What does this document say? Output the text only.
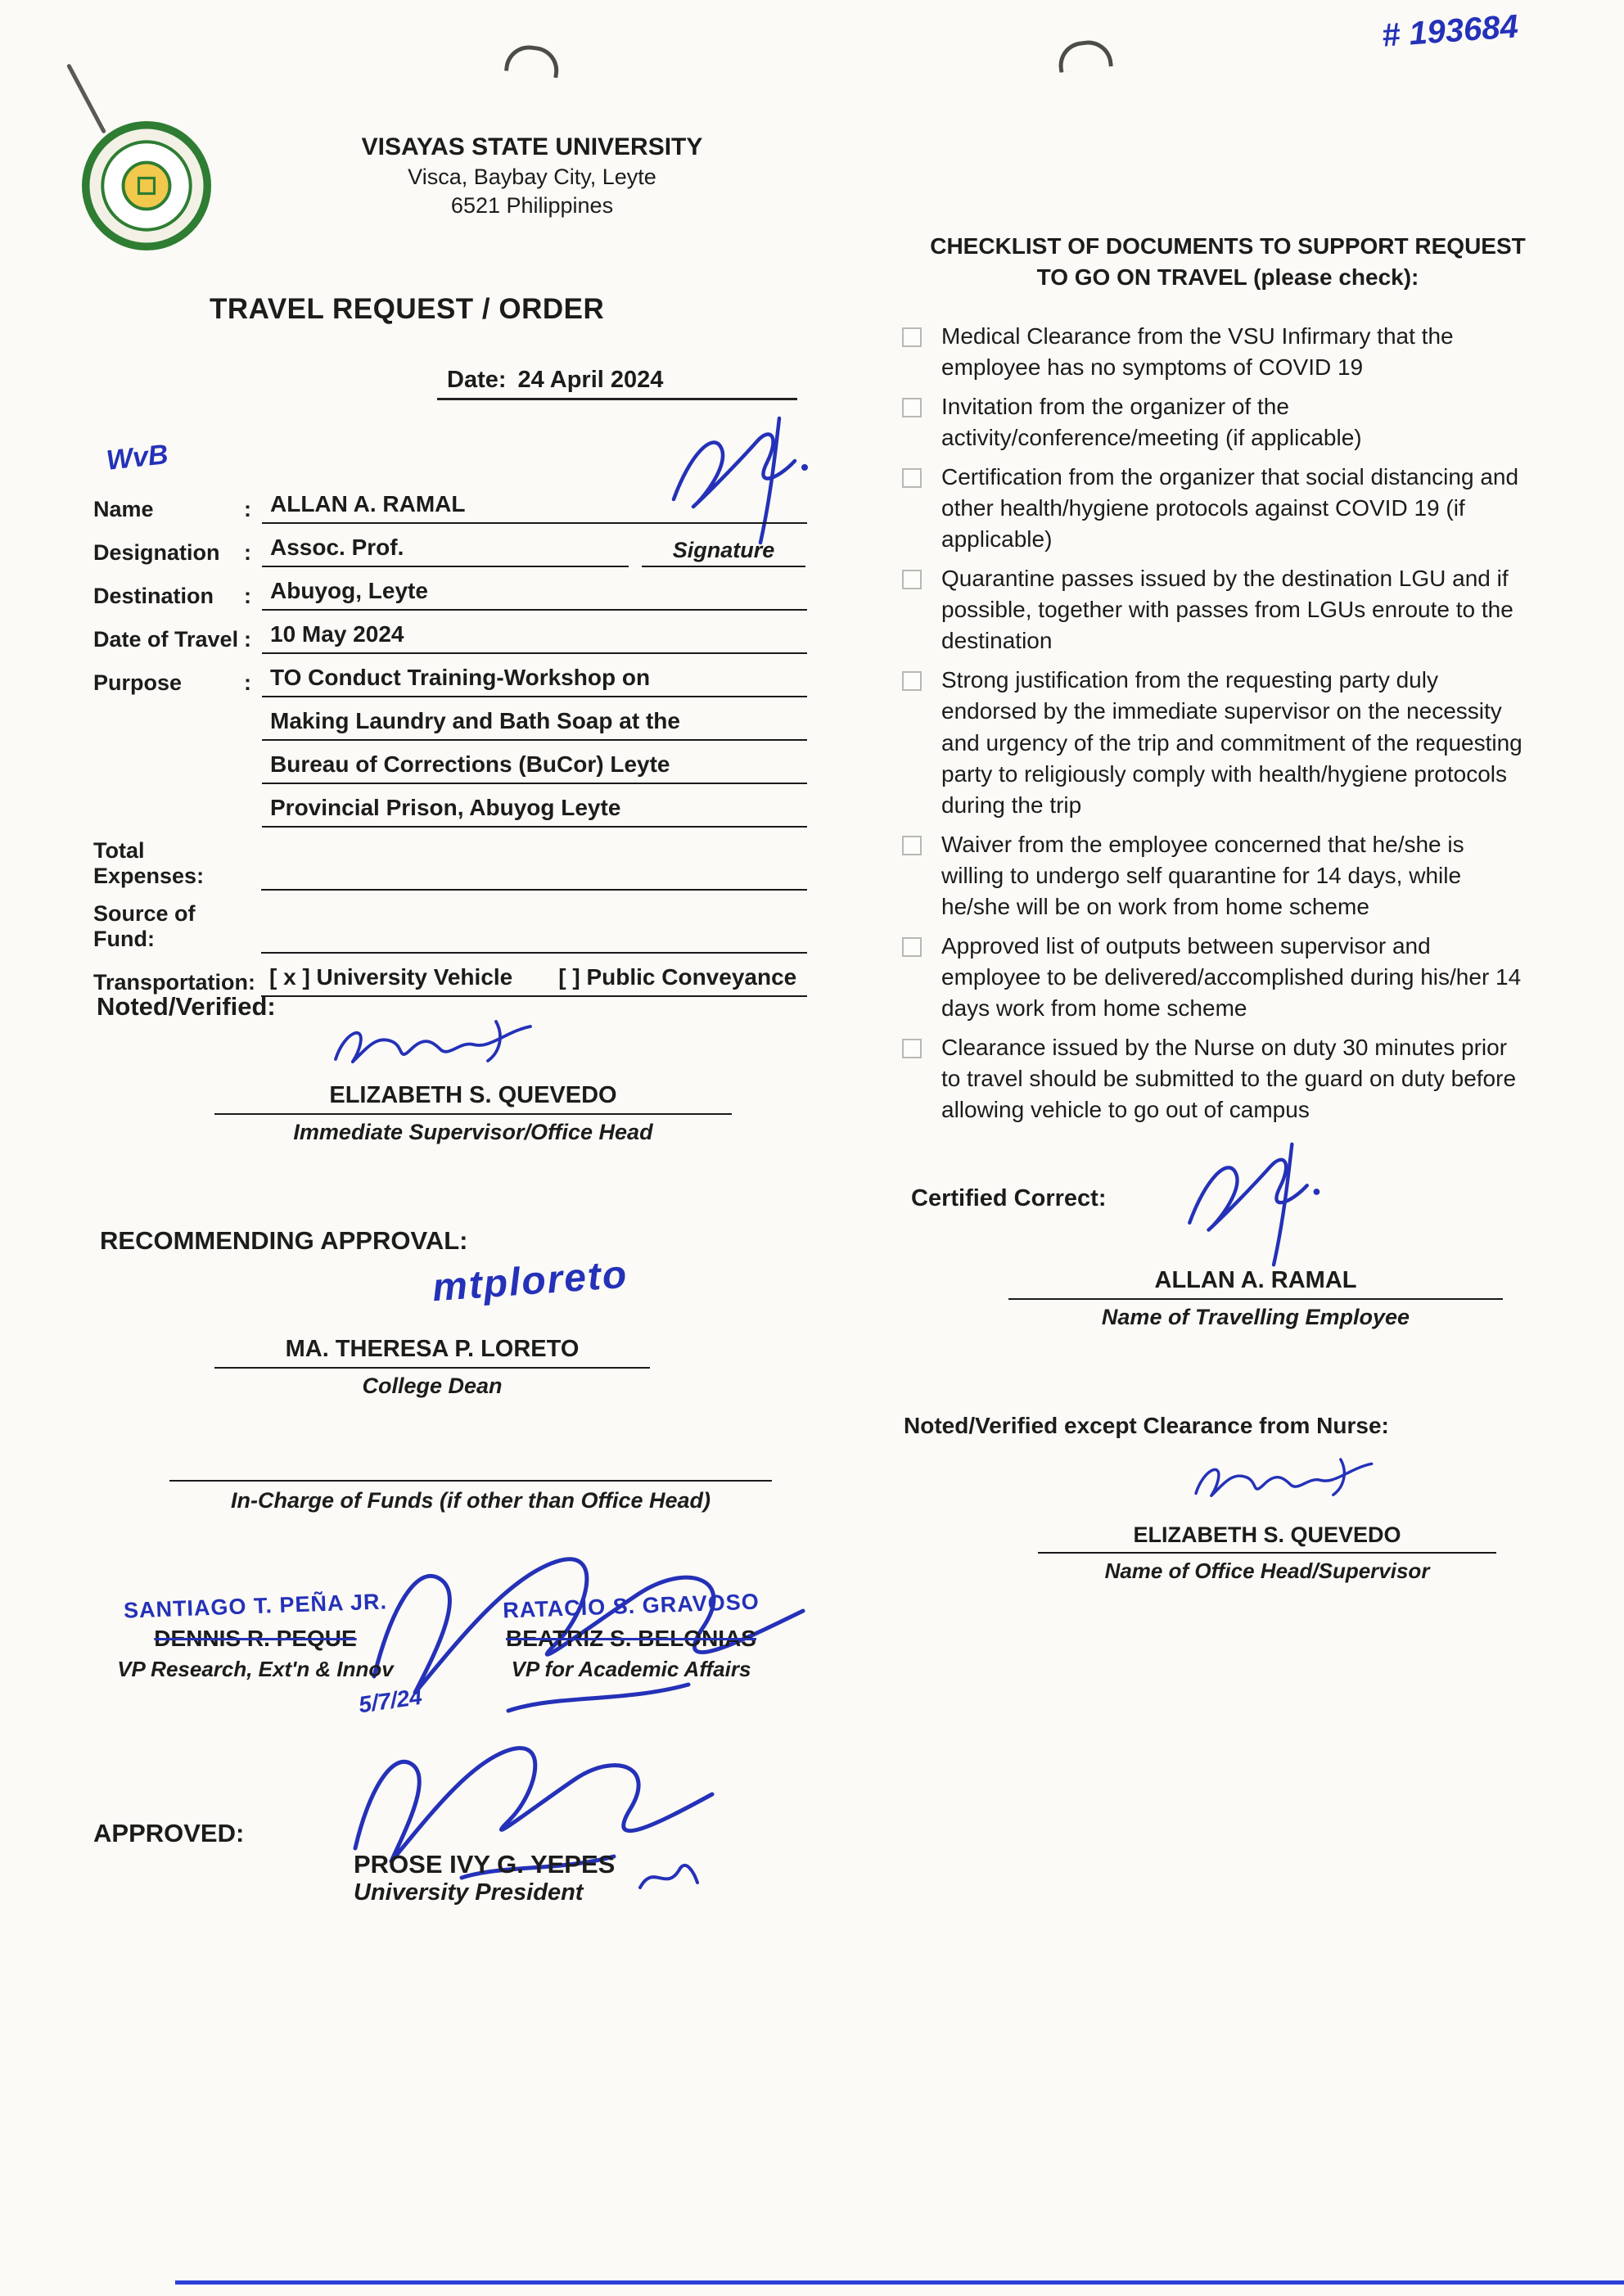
# 193684
VISAYAS STATE UNIVERSITY
Visca, Baybay City, Leyte
6521 Philippines
TRAVEL REQUEST / ORDER
Date: 24 April 2024
WvB
Name	: ALLAN A. RAMAL
Designation	: Assoc. Prof.	Signature
Destination	: Abuyog, Leyte
Date of Travel : 10 May 2024
Purpose	: TO Conduct Training-Workshop on
Making Laundry and Bath Soap at the
Bureau of Corrections (BuCor) Leyte
Provincial Prison, Abuyog Leyte
Total Expenses:
Source of Fund:
Transportation: [ x ] University Vehicle [ ] Public Conveyance
Noted/Verified:
ELIZABETH S. QUEVEDO
Immediate Supervisor/Office Head
RECOMMENDING APPROVAL:
mtploreto
MA. THERESA P. LORETO
College Dean
In-Charge of Funds (if other than Office Head)
SANTIAGO T. PEÑA JR.
DENNIS R. PEQUE
VP Research, Ext'n & Innov
RATACIO S. GRAVOSO
BEATRIZ S. BELONIAS
VP for Academic Affairs
5/7/24
APPROVED:
PROSE IVY G. YEPES
University President
CHECKLIST OF DOCUMENTS TO SUPPORT REQUEST
TO GO ON TRAVEL (please check):
Medical Clearance from the VSU Infirmary that the employee has no symptoms of COVID 19
Invitation from the organizer of the activity/conference/meeting (if applicable)
Certification from the organizer that social distancing and other health/hygiene protocols against COVID 19 (if applicable)
Quarantine passes issued by the destination LGU and if possible, together with passes from LGUs enroute to the destination
Strong justification from the requesting party duly endorsed by the immediate supervisor on the necessity and urgency of the trip and commitment of the requesting party to religiously comply with health/hygiene protocols during the trip
Waiver from the employee concerned that he/she is willing to undergo self quarantine for 14 days, while he/she will be on work from home scheme
Approved list of outputs between supervisor and employee to be delivered/accomplished during his/her 14 days work from home scheme
Clearance issued by the Nurse on duty 30 minutes prior to travel should be submitted to the guard on duty before allowing vehicle to go out of campus
Certified Correct:
ALLAN A. RAMAL
Name of Travelling Employee
Noted/Verified except Clearance from Nurse:
ELIZABETH S. QUEVEDO
Name of Office Head/Supervisor
